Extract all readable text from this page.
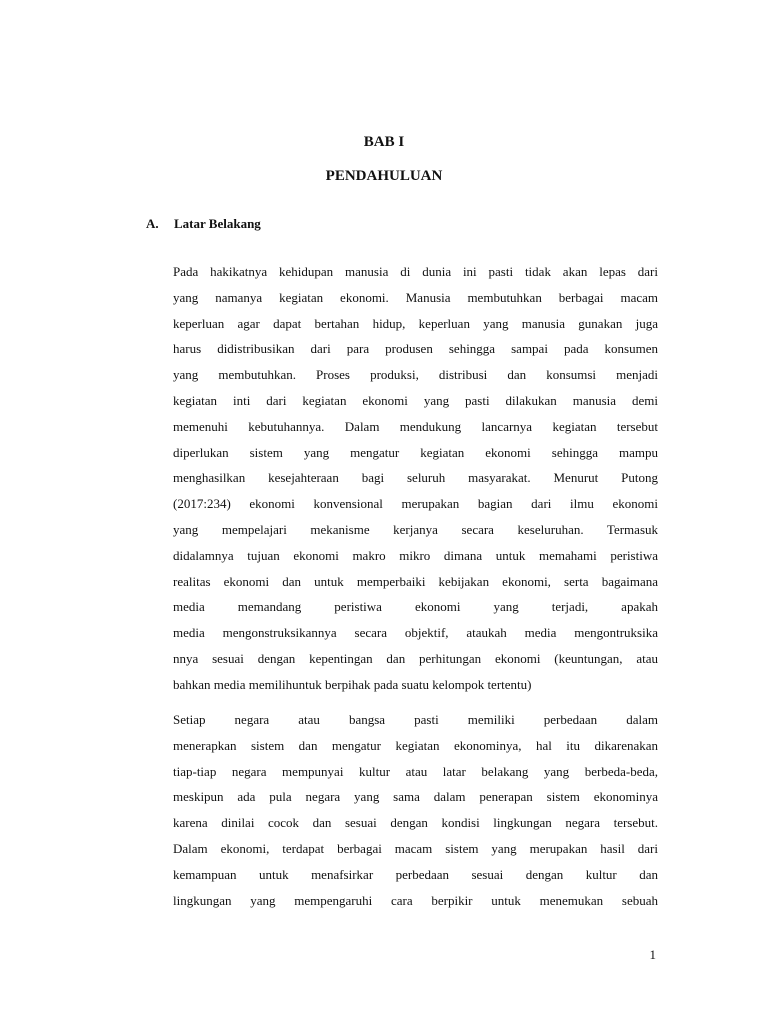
BAB I
PENDAHULUAN
A. Latar Belakang

Pada hakikatnya kehidupan manusia di dunia ini pasti tidak akan lepas dari
yang namanya kegiatan ekonomi. Manusia membutuhkan berbagai macam
keperluan agar dapat bertahan hidup, keperluan yang manusia gunakan juga
harus didistribusikan dari para produsen sehingga sampai pada konsumen
yang membutuhkan. Proses produksi, distribusi dan konsumsi menjadi
kegiatan inti dari kegiatan ekonomi yang pasti dilakukan manusia demi
memenuhi kebutuhannya. Dalam mendukung lancarnya kegiatan tersebut
diperlukan sistem yang mengatur kegiatan ekonomi sehingga mampu
menghasilkan kesejahteraan bagi seluruh masyarakat. Menurut Putong
(2017:234) ekonomi konvensional merupakan bagian dari ilmu ekonomi
yang mempelajari mekanisme kerjanya secara keseluruhan. Termasuk
didalamnya tujuan ekonomi makro mikro dimana untuk memahami peristiwa
realitas ekonomi dan untuk memperbaiki kebijakan ekonomi, serta bagaimana
media memandang peristiwa ekonomi yang terjadi, apakah
media mengonstruksikannya secara objektif, ataukah media mengontruksika
nnya sesuai dengan kepentingan dan perhitungan ekonomi (keuntungan, atau
bahkan media memilihuntuk berpihak pada suatu kelompok tertentu)

Setiap negara atau bangsa pasti memiliki perbedaan dalam
menerapkan sistem dan mengatur kegiatan ekonominya, hal itu dikarenakan
tiap-tiap negara mempunyai kultur atau latar belakang yang berbeda-beda,
meskipun ada pula negara yang sama dalam penerapan sistem ekonominya
karena dinilai cocok dan sesuai dengan kondisi lingkungan negara tersebut.
Dalam ekonomi, terdapat berbagai macam sistem yang merupakan hasil dari
kemampuan untuk menafsirkar perbedaan sesuai dengan kultur dan
lingkungan yang mempengaruhi cara berpikir untuk menemukan sebuah

1
